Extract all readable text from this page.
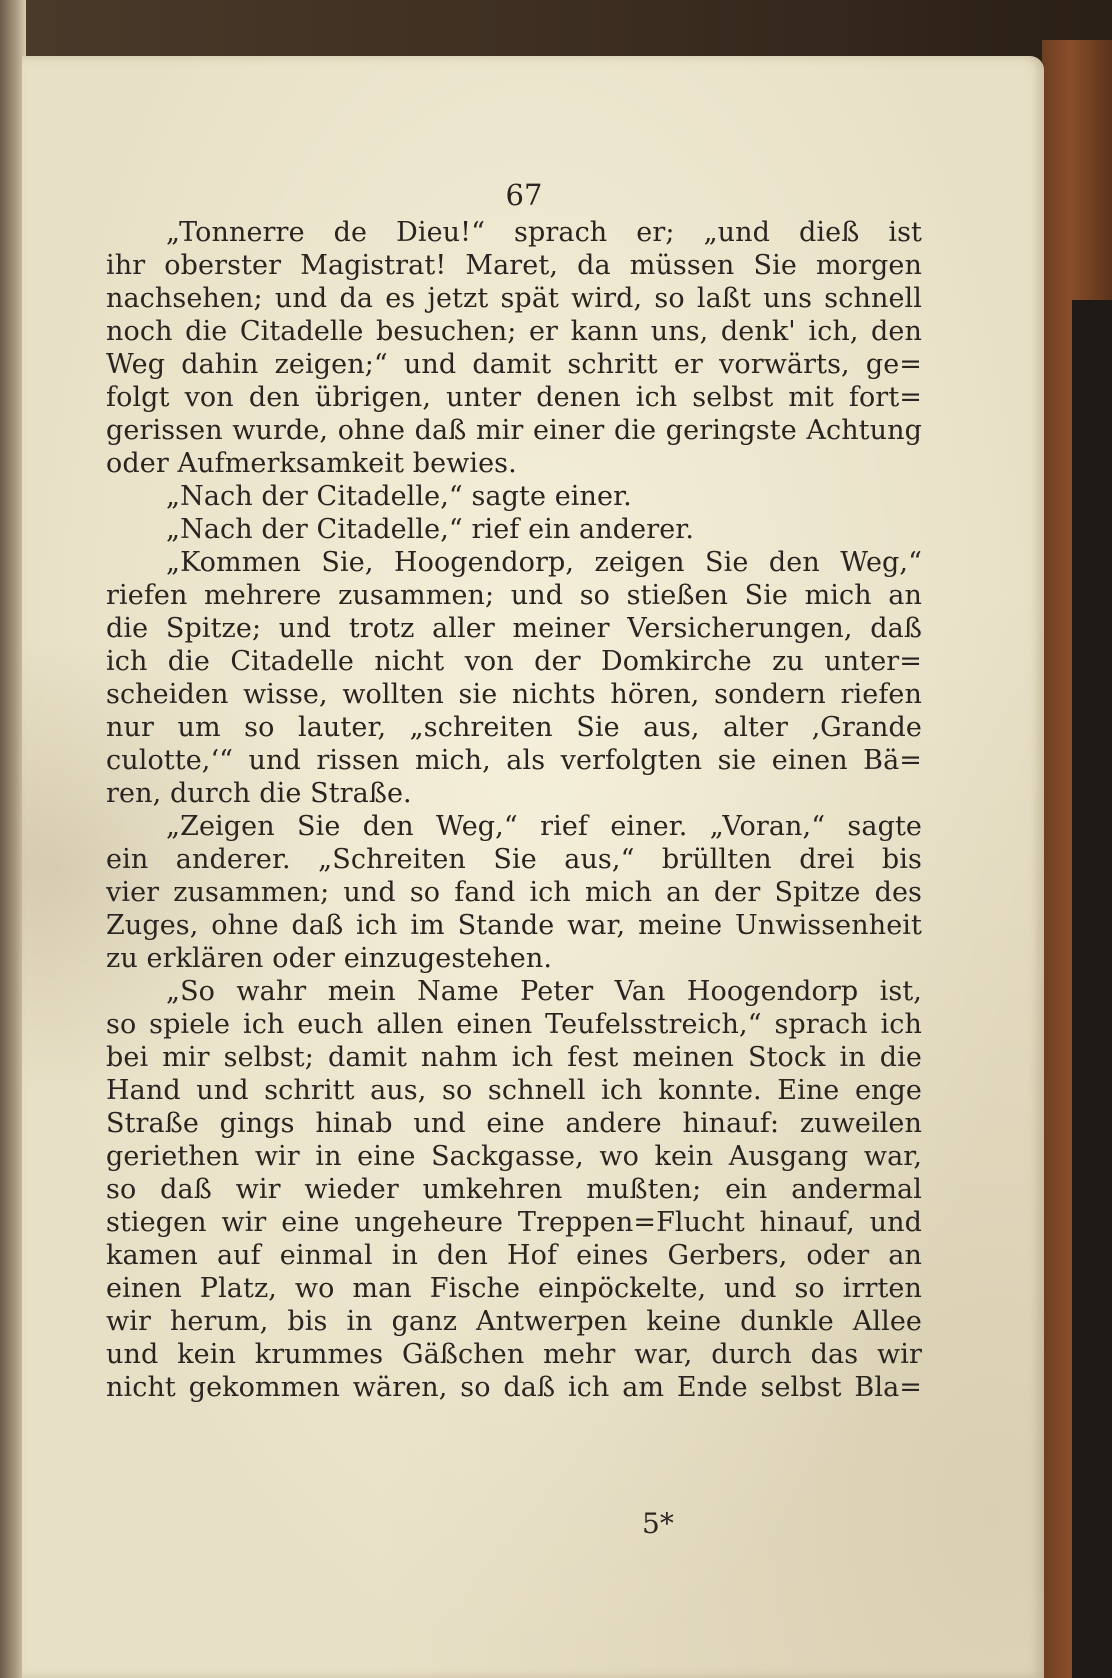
67
„Tonnerre de Dieu!“ sprach er; „und dieß ist
ihr oberster Magistrat! Maret, da müssen Sie morgen
nachsehen; und da es jetzt spät wird, so laßt uns schnell
noch die Citadelle besuchen; er kann uns, denk' ich, den
Weg dahin zeigen;“ und damit schritt er vorwärts, ge=
folgt von den übrigen, unter denen ich selbst mit fort=
gerissen wurde, ohne daß mir einer die geringste Achtung
oder Aufmerksamkeit bewies.
„Nach der Citadelle,“ sagte einer.
„Nach der Citadelle,“ rief ein anderer.
„Kommen Sie, Hoogendorp, zeigen Sie den Weg,“
riefen mehrere zusammen; und so stießen Sie mich an
die Spitze; und trotz aller meiner Versicherungen, daß
ich die Citadelle nicht von der Domkirche zu unter=
scheiden wisse, wollten sie nichts hören, sondern riefen
nur um so lauter, „schreiten Sie aus, alter ‚Grande
culotte,‘“ und rissen mich, als verfolgten sie einen Bä=
ren, durch die Straße.
„Zeigen Sie den Weg,“ rief einer. „Voran,“ sagte
ein anderer. „Schreiten Sie aus,“ brüllten drei bis
vier zusammen; und so fand ich mich an der Spitze des
Zuges, ohne daß ich im Stande war, meine Unwissenheit
zu erklären oder einzugestehen.
„So wahr mein Name Peter Van Hoogendorp ist,
so spiele ich euch allen einen Teufelsstreich,“ sprach ich
bei mir selbst; damit nahm ich fest meinen Stock in die
Hand und schritt aus, so schnell ich konnte. Eine enge
Straße gings hinab und eine andere hinauf: zuweilen
geriethen wir in eine Sackgasse, wo kein Ausgang war,
so daß wir wieder umkehren mußten; ein andermal
stiegen wir eine ungeheure Treppen=Flucht hinauf, und
kamen auf einmal in den Hof eines Gerbers, oder an
einen Platz, wo man Fische einpöckelte, und so irrten
wir herum, bis in ganz Antwerpen keine dunkle Allee
und kein krummes Gäßchen mehr war, durch das wir
nicht gekommen wären, so daß ich am Ende selbst Bla=
5*
